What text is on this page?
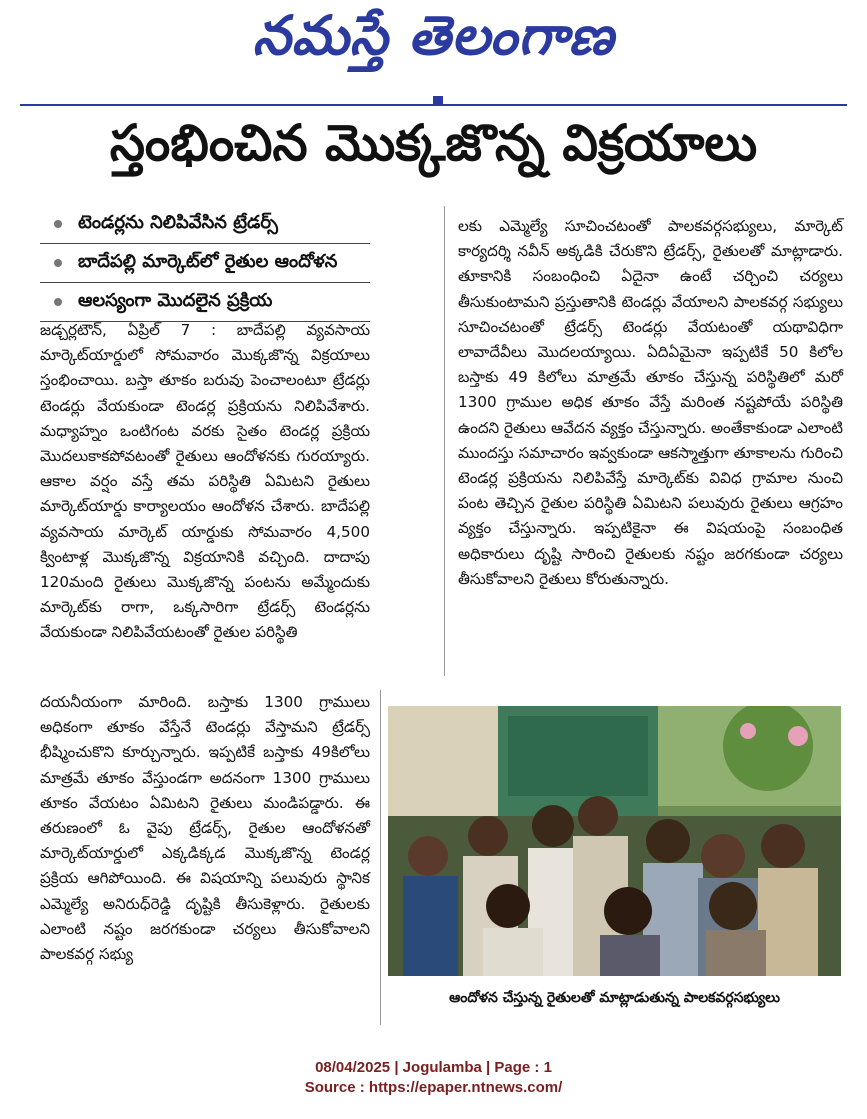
నమస్తే తెలంగాణ
స్తంభించిన మొక్కజొన్న విక్రయాలు
టెండర్లను నిలిపివేసిన ట్రేడర్స్
బాదేపల్లి మార్కెట్‌లో రైతుల ఆందోళన
ఆలస్యంగా మొదలైన ప్రక్రియ

జడ్చర్లటౌన్, ఏప్రిల్ 7 : బాదేపల్లి వ్యవసాయ మార్కెట్‌యార్డులో సోమవారం మొక్కజొన్న విక్రయాలు స్తంభించాయి. బస్తా తూకం బరువు పెంచాలంటూ ట్రేడర్లు టెండర్లు వేయకుండా టెండర్ల ప్రక్రియను నిలిపివేశారు. మధ్యాహ్నం ఒంటిగంట వరకు సైతం టెండర్ల ప్రక్రియ మొదలుకాకపోవటంతో రైతులు ఆందోళనకు గురయ్యారు. ఆకాల వర్షం వస్తే తమ పరిస్థితి ఏమిటని రైతులు మార్కెట్‌యార్డు కార్యాలయం ఆందోళన చేశారు. బాదేపల్లి వ్యవసాయ మార్కెట్ యార్డుకు సోమవారం 4,500 క్వింటాళ్ల మొక్కజొన్న విక్రయానికి వచ్చింది. దాదాపు 120మంది రైతులు మొక్కజొన్న పంటను అమ్మేందుకు మార్కెట్‌కు రాగా, ఒక్కసారిగా ట్రేడర్స్ టెండర్లను వేయకుండా నిలిపివేయటంతో రైతుల పరిస్థితి

దయనీయంగా మారింది. బస్తాకు 1300 గ్రాములు అధికంగా తూకం వేస్తేనే టెండర్లు వేస్తామని ట్రేడర్స్ భీష్మించుకొని కూర్చున్నారు. ఇప్పటికే బస్తాకు 49కిలోలు మాత్రమే తూకం వేస్తుండగా అదనంగా 1300 గ్రాములు తూకం వేయటం ఏమిటని రైతులు మండిపడ్డారు. ఈ తరుణంలో ఓ వైపు ట్రేడర్స్, రైతుల ఆందోళనతో మార్కెట్‌యార్డులో ఎక్కడిక్కడ మొక్కజొన్న టెండర్ల ప్రక్రియ ఆగిపోయింది. ఈ విషయాన్ని పలువురు స్థానిక ఎమ్మెల్యే అనిరుధ్‌రెడ్డి దృష్టికి తీసుకెళ్లారు. రైతులకు ఎలాంటి నష్టం జరగకుండా చర్యలు తీసుకోవాలని పాలకవర్గ సభ్యు

లకు ఎమ్మెల్యే సూచించటంతో పాలకవర్గసభ్యులు, మార్కెట్ కార్యదర్శి నవీన్ అక్కడికి చేరుకొని ట్రేడర్స్, రైతులతో మాట్లాడారు. తూకానికి సంబంధించి ఏదైనా ఉంటే చర్చించి చర్యలు తీసుకుంటామని ప్రస్తుతానికి టెండర్లు వేయాలని పాలకవర్గ సభ్యులు సూచించటంతో ట్రేడర్స్ టెండర్లు వేయటంతో యథావిధిగా లావాదేవీలు మొదలయ్యాయి. ఏదిఏమైనా ఇప్పటికే 50 కిలోల బస్తాకు 49 కిలోలు మాత్రమే తూకం చేస్తున్న పరిస్థితిలో మరో 1300 గ్రాముల అధిక తూకం వేస్తే మరింత నష్టపోయే పరిస్థితి ఉందని రైతులు ఆవేదన వ్యక్తం చేస్తున్నారు. అంతేకాకుండా ఎలాంటి ముందస్తు సమాచారం ఇవ్వకుండా ఆకస్మాత్తుగా తూకాలను గురించి టెండర్ల ప్రక్రియను నిలిపివేస్తే మార్కెట్‌కు వివిధ గ్రామాల నుంచి పంట తెచ్చిన రైతుల పరిస్థితి ఏమిటని పలువురు రైతులు ఆగ్రహం వ్యక్తం చేస్తున్నారు. ఇప్పటికైనా ఈ విషయంపై సంబంధిత అధికారులు దృష్టి సారించి రైతులకు నష్టం జరగకుండా చర్యలు తీసుకోవాలని రైతులు కోరుతున్నారు.

ఆందోళన చేస్తున్న రైతులతో మాట్లాడుతున్న పాలకవర్గసభ్యులు
08/04/2025 | Jogulamba | Page : 1
Source : https://epaper.ntnews.com/
